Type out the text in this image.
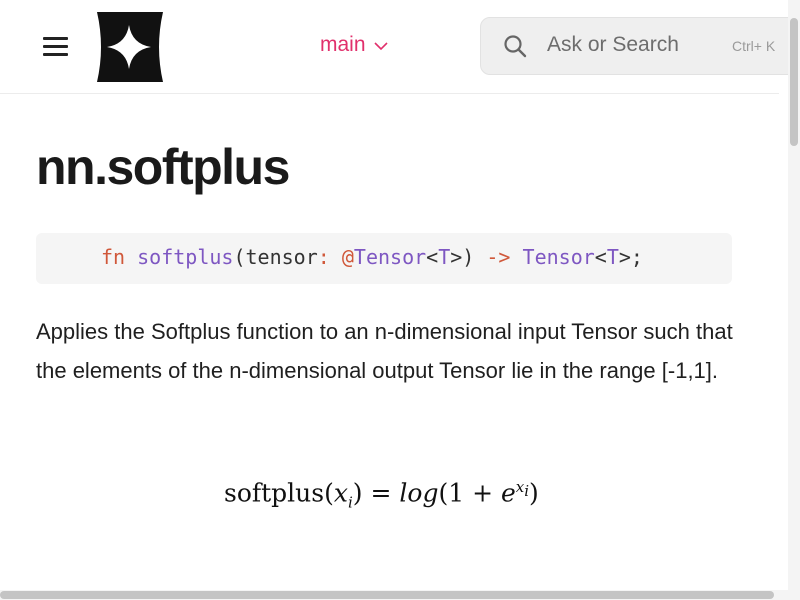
main	Ask or Search	Ctrl+ K
nn.softplus
fn softplus(tensor: @Tensor<T>) -> Tensor<T>;

Applies the Softplus function to an n-dimensional input Tensor such that the elements of the n-dimensional output Tensor lie in the range [-1,1].

$softplus(x_i) = \log(1 + e^{x_i})$
